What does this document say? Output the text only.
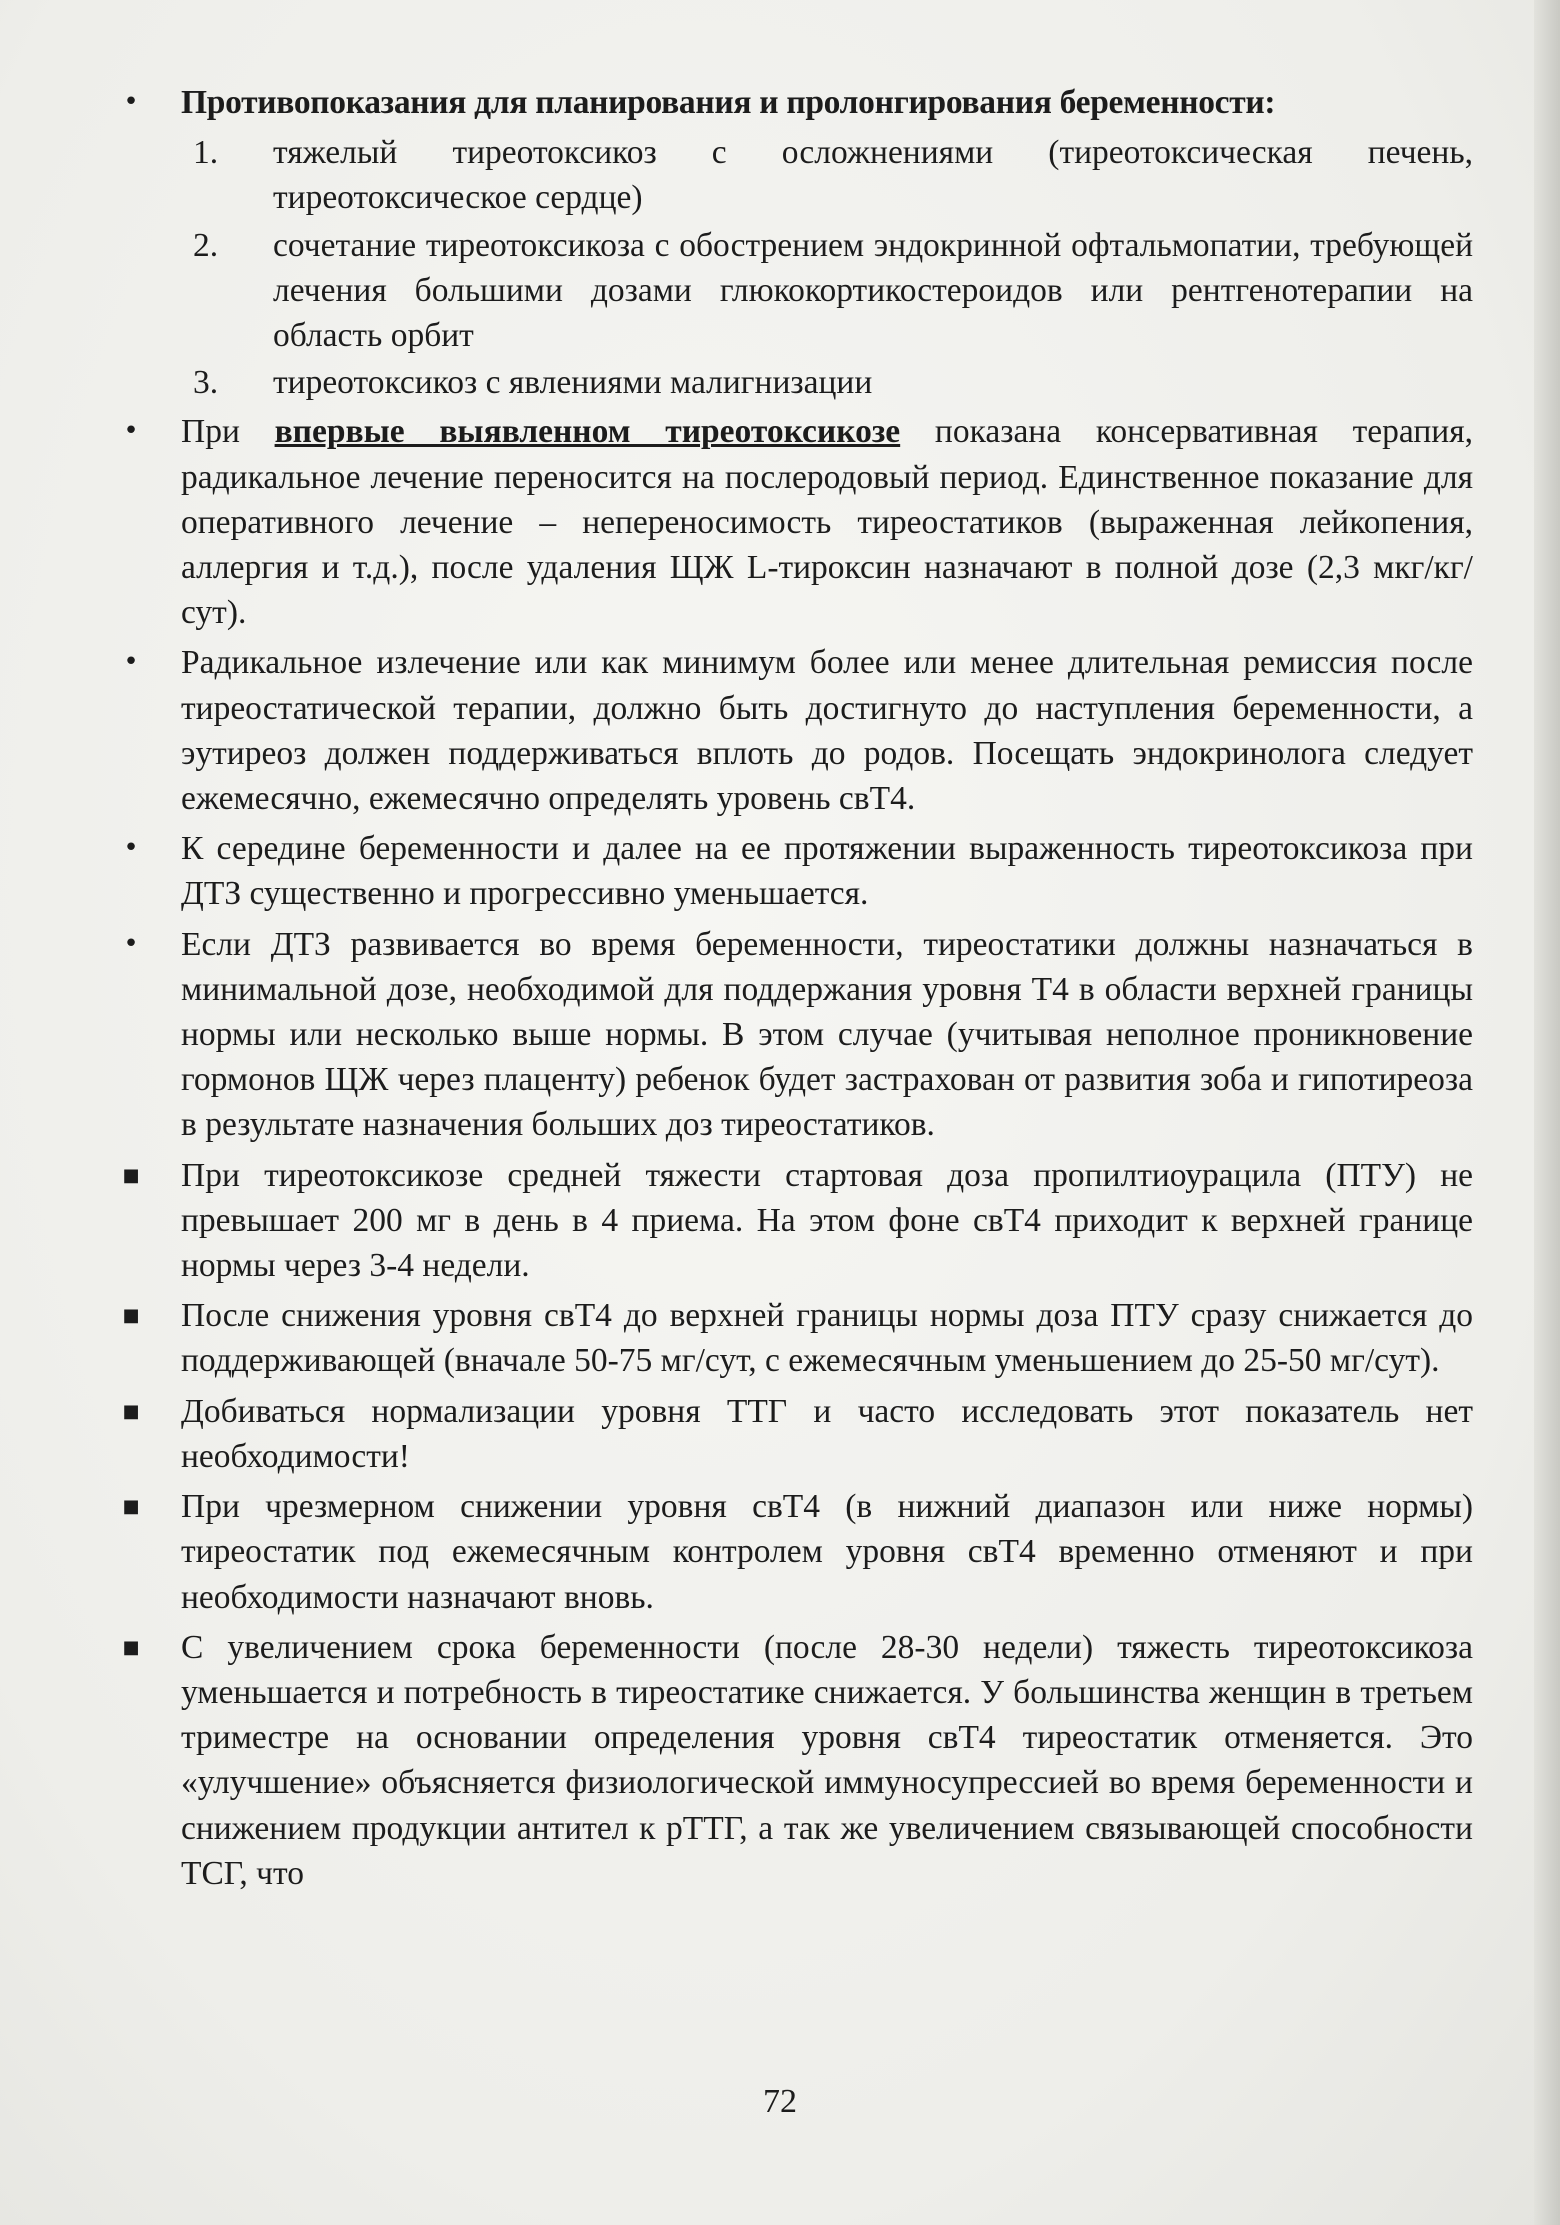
• Противопоказания для планирования и пролонгирования беременности:
1. тяжелый тиреотоксикоз с осложнениями (тиреотоксическая печень, тиреотоксическое сердце)
2. сочетание тиреотоксикоза с обострением эндокринной офтальмопатии, требующей лечения большими дозами глюкокортикостероидов или рентгенотерапии на область орбит
3. тиреотоксикоз с явлениями малигнизации
• При впервые выявленном тиреотоксикозе показана консервативная терапия, радикальное лечение переносится на послеродовый период. Единственное показание для оперативного лечение – непереносимость тиреостатиков (выраженная лейкопения, аллергия и т.д.), после удаления ЩЖ L-тироксин назначают в полной дозе (2,3 мкг/кг/сут).
• Радикальное излечение или как минимум более или менее длительная ремиссия после тиреостатической терапии, должно быть достигнуто до наступления беременности, а эутиреоз должен поддерживаться вплоть до родов. Посещать эндокринолога следует ежемесячно, ежемесячно определять уровень свТ4.
• К середине беременности и далее на ее протяжении выраженность тиреотоксикоза при ДТЗ существенно и прогрессивно уменьшается.
• Если ДТЗ развивается во время беременности, тиреостатики должны назначаться в минимальной дозе, необходимой для поддержания уровня Т4 в области верхней границы нормы или несколько выше нормы. В этом случае (учитывая неполное проникновение гормонов ЩЖ через плаценту) ребенок будет застрахован от развития зоба и гипотиреоза в результате назначения больших доз тиреостатиков.
■ При тиреотоксикозе средней тяжести стартовая доза пропилтиоурацила (ПТУ) не превышает 200 мг в день в 4 приема. На этом фоне свТ4 приходит к верхней границе нормы через 3-4 недели.
■ После снижения уровня свТ4 до верхней границы нормы доза ПТУ сразу снижается до поддерживающей (вначале 50-75 мг/сут, с ежемесячным уменьшением до 25-50 мг/сут).
■ Добиваться нормализации уровня ТТГ и часто исследовать этот показатель нет необходимости!
■ При чрезмерном снижении уровня свТ4 (в нижний диапазон или ниже нормы) тиреостатик под ежемесячным контролем уровня свТ4 временно отменяют и при необходимости назначают вновь.
■ С увеличением срока беременности (после 28-30 недели) тяжесть тиреотоксикоза уменьшается и потребность в тиреостатике снижается. У большинства женщин в третьем триместре на основании определения уровня свТ4 тиреостатик отменяется. Это «улучшение» объясняется физиологической иммуносупрессией во время беременности и снижением продукции антител к рТТГ, а так же увеличением связывающей способности ТСГ, что
72
